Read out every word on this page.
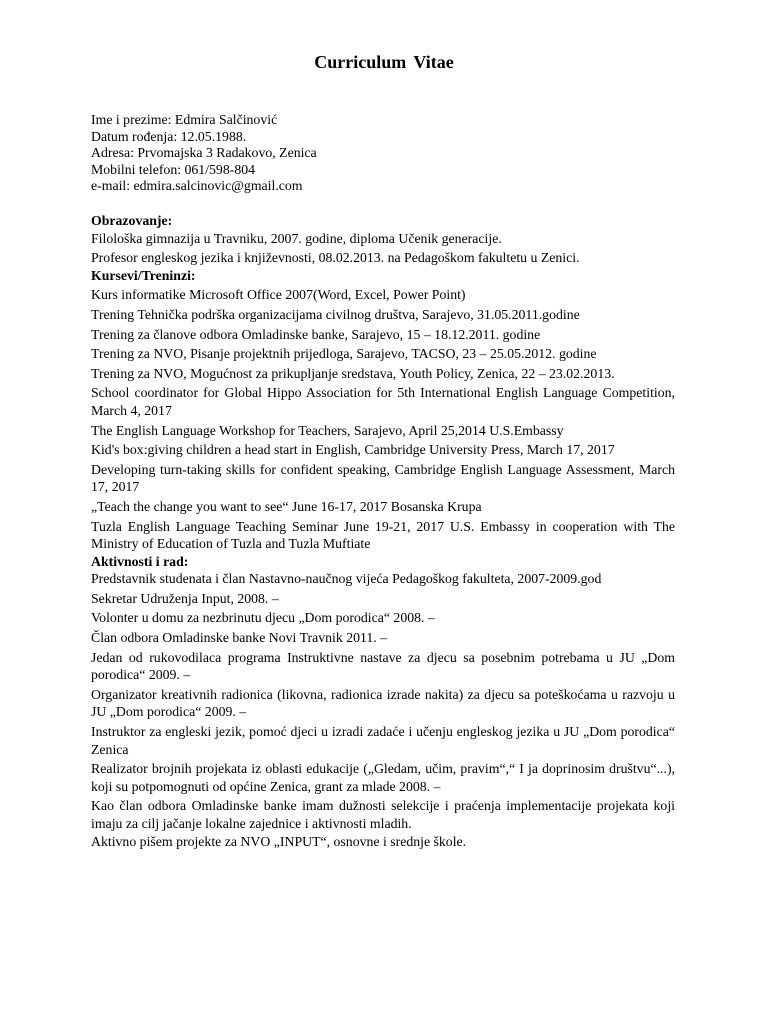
Curriculum Vitae
Ime i prezime: Edmira Salčinović
Datum rođenja: 12.05.1988.
Adresa: Prvomajska 3 Radakovo, Zenica
Mobilni telefon: 061/598-804
e-mail: edmira.salcinovic@gmail.com
Obrazovanje:
Filološka gimnazija u Travniku, 2007. godine, diploma Učenik generacije.
Profesor engleskog jezika i književnosti, 08.02.2013. na Pedagoškom fakultetu u Zenici.
Kursevi/Treninzi:
Kurs informatike Microsoft Office 2007(Word, Excel, Power Point)
Trening Tehnička podrška organizacijama civilnog društva, Sarajevo, 31.05.2011.godine
Trening za članove odbora Omladinske banke, Sarajevo, 15 – 18.12.2011. godine
Trening za NVO, Pisanje projektnih prijedloga, Sarajevo, TACSO, 23 – 25.05.2012. godine
Trening za NVO, Mogućnost za prikupljanje sredstava, Youth Policy, Zenica, 22 – 23.02.2013.
School coordinator for Global Hippo Association for 5th International English Language Competition, March 4, 2017
The English Language Workshop for Teachers, Sarajevo, April 25,2014 U.S.Embassy
Kid's box:giving children a head start in English, Cambridge University Press, March 17, 2017
Developing turn-taking skills for confident speaking, Cambridge English Language Assessment, March 17, 2017
„Teach the change you want to see“ June 16-17, 2017 Bosanska Krupa
Tuzla English Language Teaching Seminar June 19-21, 2017 U.S. Embassy in cooperation with The Ministry of Education of Tuzla and Tuzla Muftiate
Aktivnosti i rad:
Predstavnik studenata i član Nastavno-naučnog vijeća Pedagoškog fakulteta, 2007-2009.god
Sekretar Udruženja Input, 2008. –
Volonter u domu za nezbrinutu djecu „Dom porodica“ 2008. –
Član odbora Omladinske banke Novi Travnik 2011. –
Jedan od rukovodilaca programa Instruktivne nastave za djecu sa posebnim potrebama u JU „Dom porodica“ 2009. –
Organizator kreativnih radionica (likovna, radionica izrade nakita) za djecu sa poteškoćama u razvoju u JU „Dom porodica“ 2009. –
Instruktor za engleski jezik, pomoć djeci u izradi zadaće i učenju engleskog jezika u JU „Dom porodica“ Zenica
Realizator brojnih projekata iz oblasti edukacije („Gledam, učim, pravim“,“ I ja doprinosim društvu“...), koji su potpomognuti od općine Zenica, grant za mlade 2008. –
Kao član odbora Omladinske banke imam dužnosti selekcije i praćenja implementacije projekata koji imaju za cilj jačanje lokalne zajednice i aktivnosti mladih.
Aktivno pišem projekte za NVO „INPUT“, osnovne i srednje škole.
